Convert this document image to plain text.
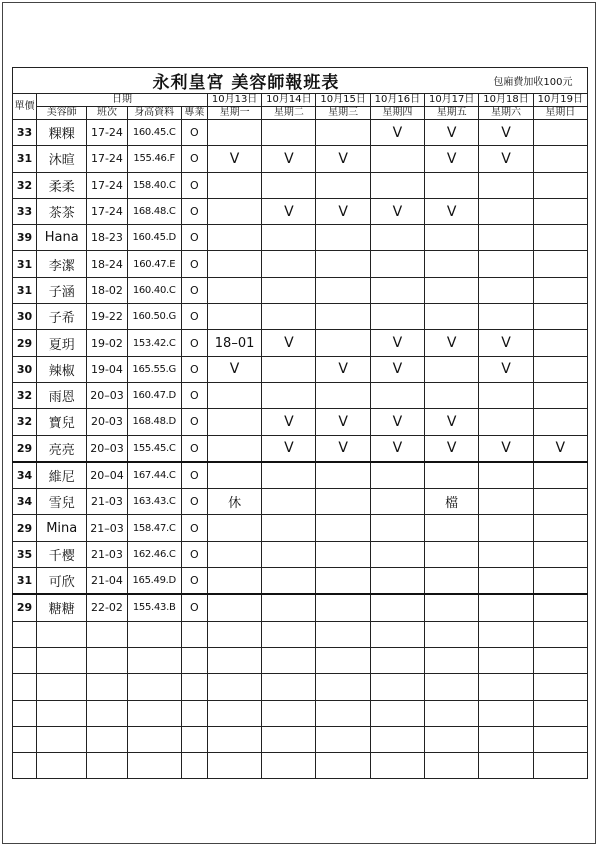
永利皇宮 美容師報班表										包廂費加收100元	
單價	日期				10月13日	10月14日	10月15日	10月16日	10月17日	10月18日	10月19日
	美容師	班次	身高資料	專業	星期一	星期二	星期三	星期四	星期五	星期六	星期日
33	粿粿	17-24	160.45.C	O				V	V	V	
31	沐暄	17-24	155.46.F	O	V	V	V		V	V	
32	柔柔	17-24	158.40.C	O							
33	茶茶	17-24	168.48.C	O		V	V	V	V		
39	Hana	18-23	160.45.D	O							
31	李潔	18-24	160.47.E	O							
31	子涵	18-02	160.40.C	O							
30	子希	19-22	160.50.G	O							
29	夏玥	19-02	153.42.C	O	18–01	V		V	V	V	
30	辣椒	19-04	165.55.G	O	V		V	V		V	
32	雨恩	20–03	160.47.D	O							
32	寶兒	20-03	168.48.D	O		V	V	V	V		
29	亮亮	20–03	155.45.C	O		V	V	V	V	V	V
34	維尼	20–04	167.44.C	O							
34	雪兒	21-03	163.43.C	O	休				檔		
29	Mina	21–03	158.47.C	O							
35	千樱	21-03	162.46.C	O							
31	可欣	21-04	165.49.D	O							
29	糖糖	22-02	155.43.B	O							
